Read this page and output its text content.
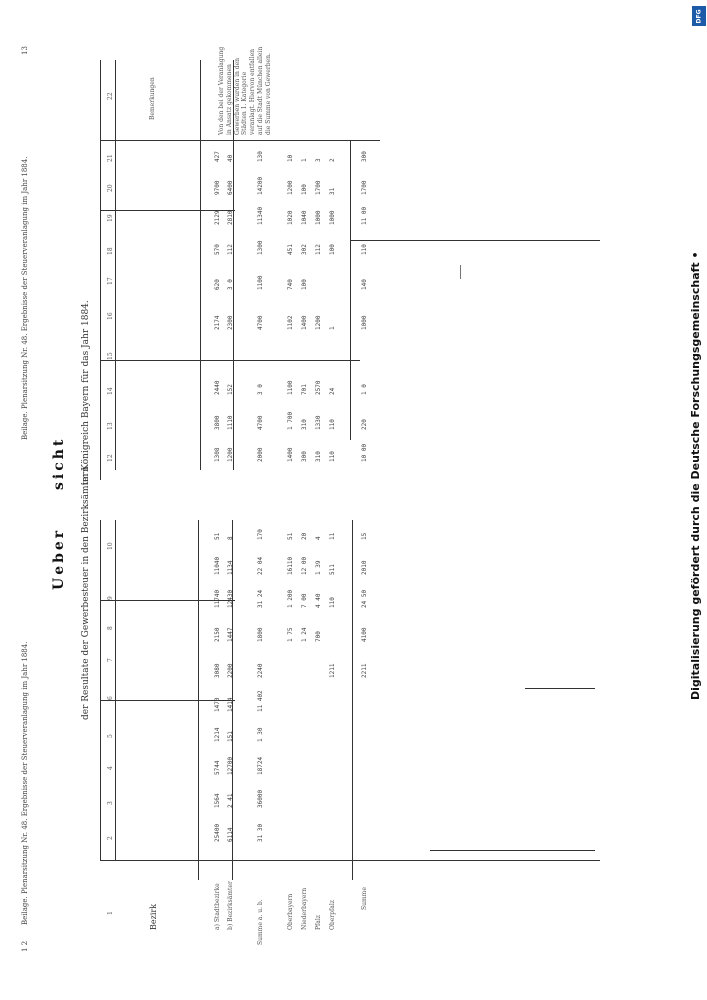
1 2
Beilage. Plenarsitzung Nr. 48. Ergebnisse der Steuerveranlagung im Jahr 1884.
Beilage. Plenarsitzung Nr. 48. Ergebnisse der Steuerveranlagung im Jahr 1884.
13
Ueber der Resultate der Gewerbesteuer in den Bezirksämtern
Bezirk
1
2
3
4
5
6
7
8
9
10
a) Stadtbezirke
25400
1564
5744
1214
1470
3080
2150
11740
11040
51
b) Bezirksämter
6114
2 41
12700
151
1414
2200
1447
12430
1134
8
Summe a. u. b.
31 30
36000
18724
1 30
11 402
2240
1800
31 24
22 04
170
Oberbayern
1 75
1 200
16110
51
Niederbayern
1 24
7 00
12 00
20
Pfalz
700
4 40
1 39
4
Oberpfalz
1211
110
511
11
Summe
2211
4100
24 50
2010
15
sicht im Königreich Bayern für das Jahr 1884.	12
13
14
15
16
17
18
19
20
21
22	Bemerkungen
1308
3800
2440
2174
620
570
2129
9700
427
1200
1110
152
2300
3 0
112
2810
6400
40
2000
4700
3 0
4700
1100
1300
11340
14200
130
1400
1 700
1100
1102
740
451
1020
1200
10
300
310
701
1400
100
302
1040
100
1
310
1330
2570
1200
112
1000
1700
3
110
110
24
1
100
1000
31
2
10 00
220
1 0
1000
140
110
11 00
1700
300
Von den bei der Veranlagung in Ansatz gekommenen Gewerben wurden in den Städten 1. Kategorie veranlagt. Hiervon entfallen auf die Stadt München allein die Summe von Gewerben.
Digitalisierung gefördert durch die Deutsche Forschungsgemeinschaft •
DFG
